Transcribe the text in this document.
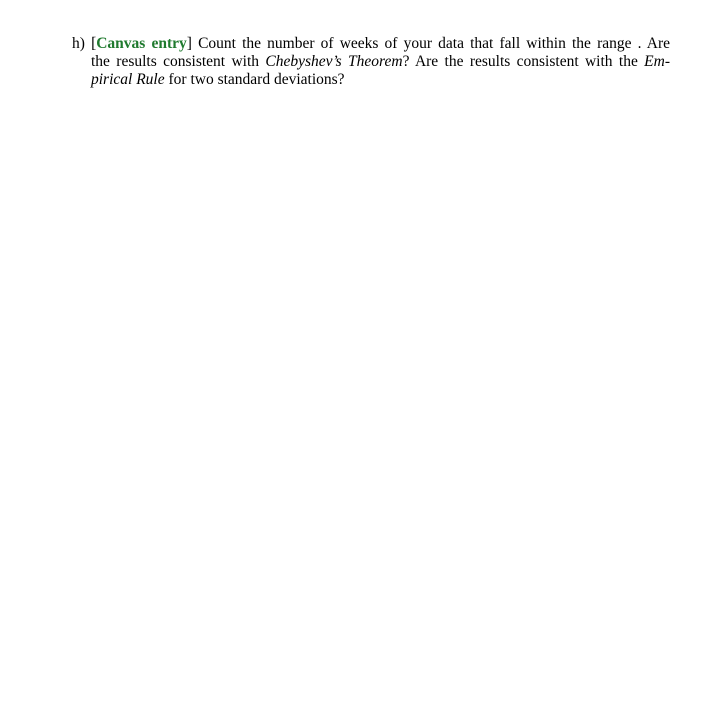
h) [Canvas entry] Count the number of weeks of your data that fall within the range . Are
the results consistent with Chebyshev’s Theorem? Are the results consistent with the Em-
pirical Rule for two standard deviations?
